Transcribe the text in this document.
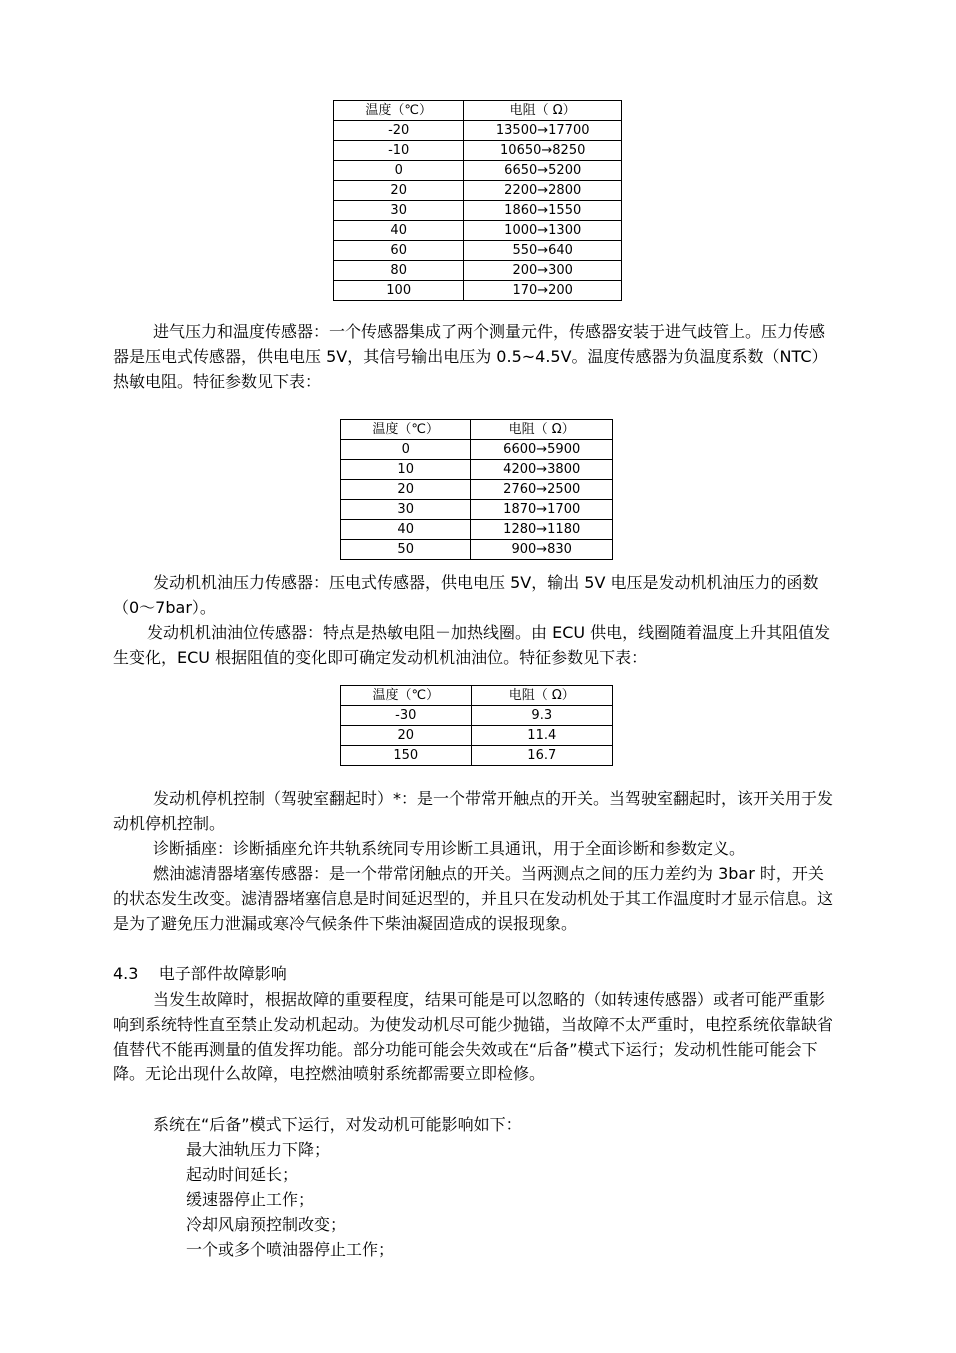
温度（℃）	电阻（ Ω）
-20	13500→17700
-10	10650→8250
0	6650→5200
20	2200→2800
30	1860→1550
40	1000→1300
60	550→640
80	200→300
100	170→200

进气压力和温度传感器：一个传感器集成了两个测量元件，传感器安装于进气歧管上。压力传感器是压电式传感器，供电电压 5V，其信号输出电压为 0.5~4.5V。温度传感器为负温度系数（NTC）热敏电阻。特征参数见下表：

温度（℃）	电阻（ Ω）
0	6600→5900
10	4200→3800
20	2760→2500
30	1870→1700
40	1280→1180
50	900→830

发动机机油压力传感器：压电式传感器，供电电压 5V，输出 5V 电压是发动机机油压力的函数（0～7bar）。

发动机机油油位传感器：特点是热敏电阻－加热线圈。由 ECU 供电，线圈随着温度上升其阻值发生变化，ECU 根据阻值的变化即可确定发动机机油油位。特征参数见下表：

温度（℃）	电阻（ Ω）
-30	9.3
20	11.4
150	16.7

发动机停机控制（驾驶室翻起时）*：是一个带常开触点的开关。当驾驶室翻起时，该开关用于发动机停机控制。

诊断插座：诊断插座允许共轨系统同专用诊断工具通讯，用于全面诊断和参数定义。

燃油滤清器堵塞传感器：是一个带常闭触点的开关。当两测点之间的压力差约为 3bar 时，开关的状态发生改变。滤清器堵塞信息是时间延迟型的，并且只在发动机处于其工作温度时才显示信息。这是为了避免压力泄漏或寒冷气候条件下柴油凝固造成的误报现象。

4.3    电子部件故障影响

当发生故障时，根据故障的重要程度，结果可能是可以忽略的（如转速传感器）或者可能严重影响到系统特性直至禁止发动机起动。为使发动机尽可能少抛锚，当故障不太严重时，电控系统依靠缺省值替代不能再测量的值发挥功能。部分功能可能会失效或在“后备”模式下运行；发动机性能可能会下降。无论出现什么故障，电控燃油喷射系统都需要立即检修。

系统在“后备”模式下运行，对发动机可能影响如下：

最大油轨压力下降；

起动时间延长；

缓速器停止工作；

冷却风扇预控制改变；

一个或多个喷油器停止工作；
